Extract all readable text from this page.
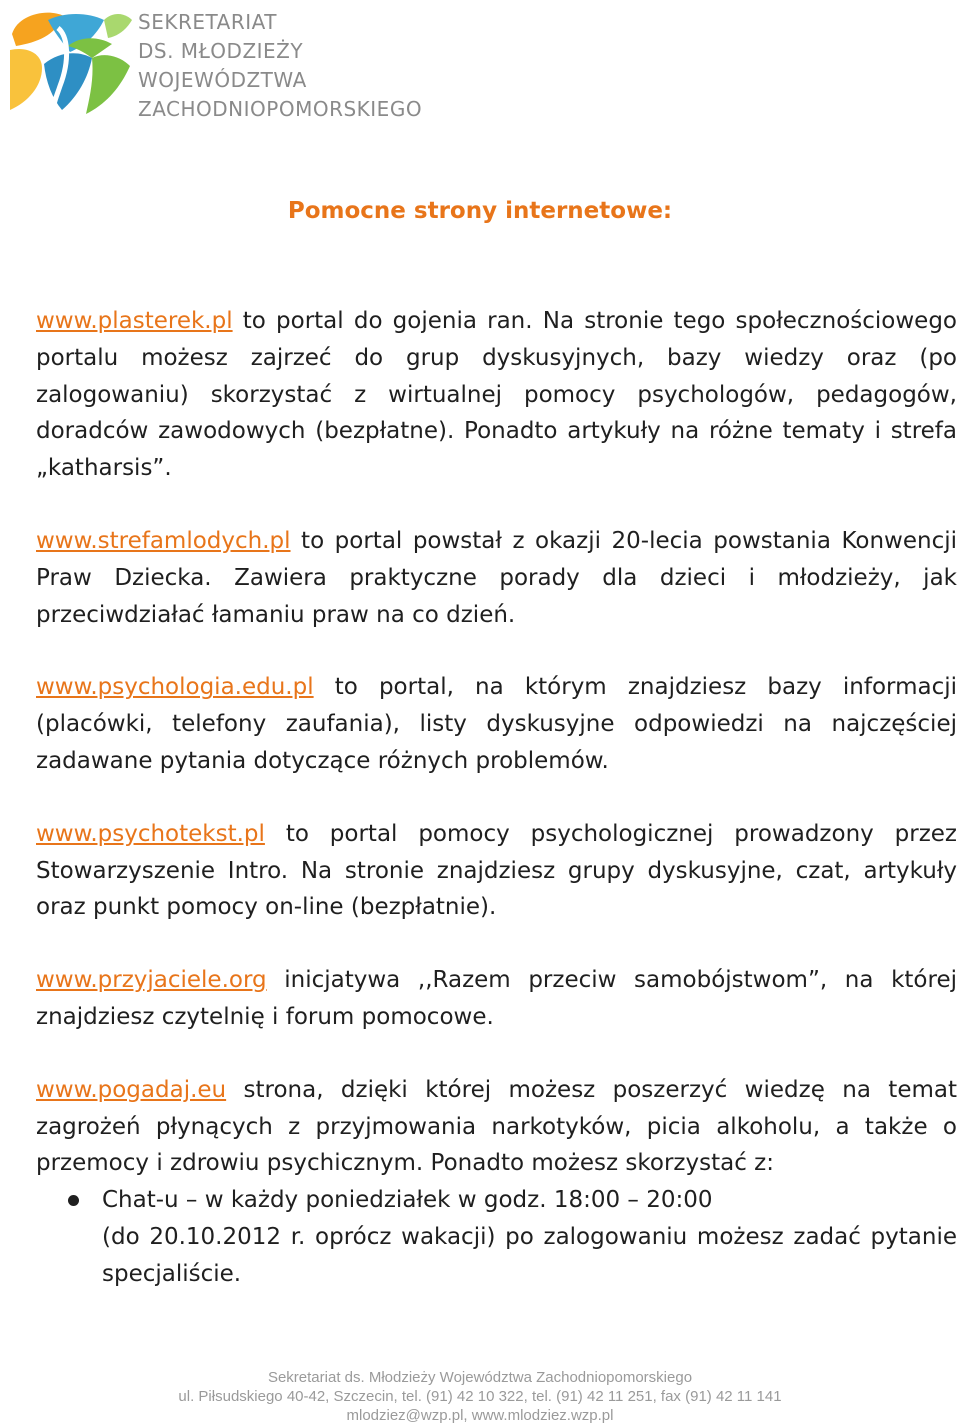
SEKRETARIAT
DS. MŁODZIEŻY
WOJEWÓDZTWA
ZACHODNIOPOMORSKIEGO
Pomocne strony internetowe:

www.plasterek.pl to portal do gojenia ran. Na stronie tego społecznościowego portalu możesz zajrzeć do grup dyskusyjnych, bazy wiedzy oraz (po zalogowaniu) skorzystać z wirtualnej pomocy psychologów, pedagogów, doradców zawodowych (bezpłatne). Ponadto artykuły na różne tematy i strefa „katharsis”.

www.strefamlodych.pl to portal powstał z okazji 20-lecia powstania Konwencji Praw Dziecka. Zawiera praktyczne porady dla dzieci i młodzieży, jak przeciwdziałać łamaniu praw na co dzień.

www.psychologia.edu.pl to portal, na którym znajdziesz bazy informacji (placówki, telefony zaufania), listy dyskusyjne odpowiedzi na najczęściej zadawane pytania dotyczące różnych problemów.

www.psychotekst.pl to portal pomocy psychologicznej prowadzony przez Stowarzyszenie Intro. Na stronie znajdziesz grupy dyskusyjne, czat, artykuły oraz punkt pomocy on-line (bezpłatnie).

www.przyjaciele.org inicjatywa ,,Razem przeciw samobójstwom”, na której znajdziesz czytelnię i forum pomocowe.

www.pogadaj.eu strona, dzięki której możesz poszerzyć wiedzę na temat zagrożeń płynących z przyjmowania narkotyków, picia alkoholu, a także o przemocy i zdrowiu psychicznym. Ponadto możesz skorzystać z:

Chat-u – w każdy poniedziałek w godz. 18:00 – 20:00
(do 20.10.2012 r. oprócz wakacji) po zalogowaniu możesz zadać pytanie specjaliście.
Sekretariat ds. Młodzieży Województwa Zachodniopomorskiego
ul. Piłsudskiego 40-42, Szczecin, tel. (91) 42 10 322, tel. (91) 42 11 251, fax (91) 42 11 141
mlodziez@wzp.pl, www.mlodziez.wzp.pl
